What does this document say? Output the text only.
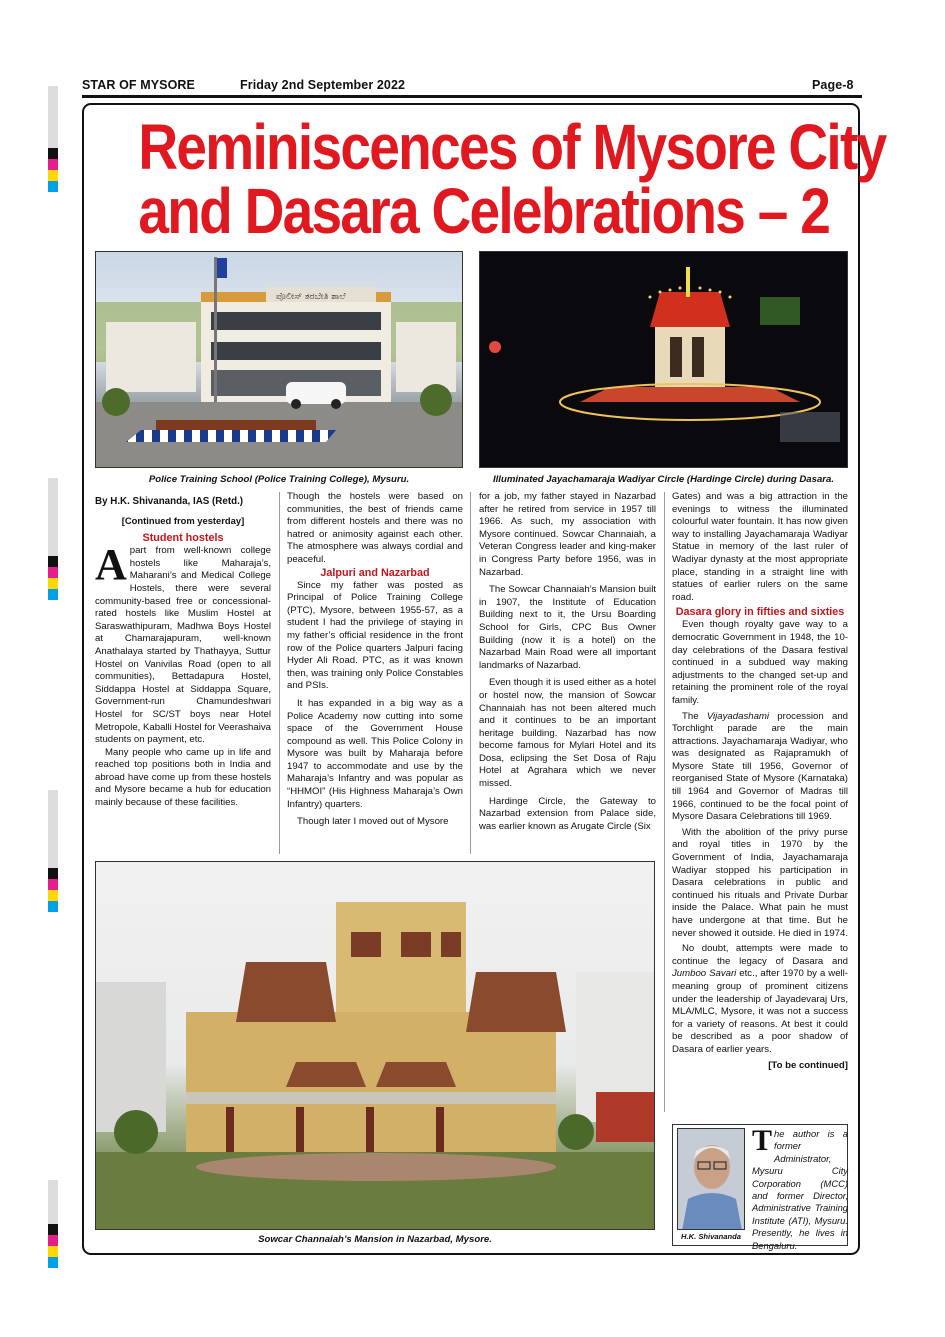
STAR OF MYSORE	Friday 2nd September 2022	Page-8
Reminiscences of Mysore City
and Dasara Celebrations – 2
ಪೊಲೀಸ್ ತರಬೇತಿ ಶಾಲೆ
Police Training School (Police Training College), Mysuru.	Illuminated Jayachamaraja Wadiyar Circle (Hardinge Circle) during Dasara.

By H.K. Shivananda, IAS (Retd.)

[Continued from yesterday]

Student hostels

Apart from well-known college hostels like Maharaja’s, Maharani’s and Medical College Hostels, there were several community-based free or concessional-rated hostels like Muslim Hostel at Saraswathipuram, Madhwa Boys Hostel at Chamarajapuram, well-known Anathalaya started by Thathayya, Suttur Hostel on Vanivilas Road (open to all communities), Bettadapura Hostel, Siddappa Hostel at Siddappa Square, Government-run Chamundeshwari Hostel for SC/ST boys near Hotel Metropole, Kaballi Hostel for Veerashaiva students on payment, etc.

Many people who came up in life and reached top positions both in India and abroad have come up from these hostels and Mysore became a hub for education mainly because of these facilities.

Though the hostels were based on communities, the best of friends came from different hostels and there was no hatred or animosity against each other. The atmosphere was always cordial and peaceful.

Jalpuri and Nazarbad

Since my father was posted as Principal of Police Training College (PTC), Mysore, between 1955-57, as a student I had the privilege of staying in my father’s official residence in the front row of the Police quarters Jalpuri facing Hyder Ali Road. PTC, as it was known then, was training only Police Constables and PSIs.

It has expanded in a big way as a Police Academy now cutting into some space of the Government House compound as well. This Police Colony in Mysore was built by Maharaja before 1947 to accommodate and use by the Maharaja’s Infantry and was popular as “HHMOI” (His Highness Maharaja’s Own Infantry) quarters.

Though later I moved out of Mysore

for a job, my father stayed in Nazarbad after he retired from service in 1957 till 1966. As such, my association with Mysore continued. Sowcar Channaiah, a Veteran Congress leader and king-maker in Congress Party before 1956, was in Nazarbad.

The Sowcar Channaiah’s Mansion built in 1907, the Institute of Education Building next to it, the Ursu Boarding School for Girls, CPC Bus Owner Building (now it is a hotel) on the Nazarbad Main Road were all important landmarks of Nazarbad.

Even though it is used either as a hotel or hostel now, the mansion of Sowcar Channaiah has not been altered much and it continues to be an important heritage building. Nazarbad has now become famous for Mylari Hotel and its Dosa, eclipsing the Set Dosa of Raju Hotel at Agrahara which we never missed.

Hardinge Circle, the Gateway to Nazarbad extension from Palace side, was earlier known as Arugate Circle (Six

Gates) and was a big attraction in the evenings to witness the illuminated colourful water fountain. It has now given way to installing Jayachamaraja Wadiyar Statue in memory of the last ruler of Wadiyar dynasty at the most appropriate place, standing in a straight line with statues of earlier rulers on the same road.

Dasara glory in fifties and sixties

Even though royalty gave way to a democratic Government in 1948, the 10-day celebrations of the Dasara festival continued in a subdued way making adjustments to the changed set-up and retaining the prominent role of the royal family.

The Vijayadashami procession and Torchlight parade are the main attractions. Jayachamaraja Wadiyar, who was designated as Rajapramukh of Mysore State till 1956, Governor of reorganised State of Mysore (Karnataka) till 1964 and Governor of Madras till 1966, continued to be the focal point of Mysore Dasara Celebrations till 1969.

With the abolition of the privy purse and royal titles in 1970 by the Government of India, Jayachamaraja Wadiyar stopped his participation in Dasara celebrations in public and continued his rituals and Private Durbar inside the Palace. What pain he must have undergone at that time. But he never showed it outside. He died in 1974.

No doubt, attempts were made to continue the legacy of Dasara and Jumboo Savari etc., after 1970 by a well-meaning group of prominent citizens under the leadership of Jayadevaraj Urs, MLA/MLC, Mysore, it was not a success for a variety of reasons. At best it could be described as a poor shadow of Dasara of earlier years.

[To be continued]

Sowcar Channaiah’s Mansion in Nazarbad, Mysore.	H.K. Shivananda
The author is a former Administrator, Mysuru City Corporation (MCC) and former Director, Administrative Training Institute (ATI), Mysuru. Presently, he lives in Bengaluru.
